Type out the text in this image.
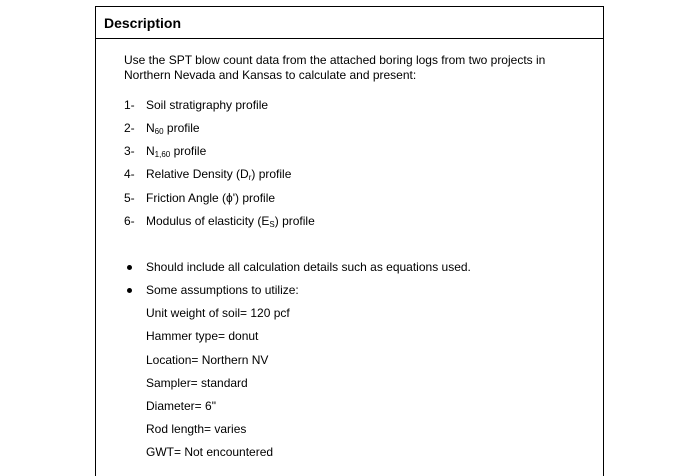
Description
Use the SPT blow count data from the attached boring logs from two projects in Northern Nevada and Kansas to calculate and present:
1- Soil stratigraphy profile
2- $N_{60}$ profile
3- $N_{1,60}$ profile
4- Relative Density $(D_r)$ profile
5- Friction Angle (ϕ') profile
6- Modulus of elasticity $(E_S)$ profile
Should include all calculation details such as equations used.
Some assumptions to utilize:
Unit weight of soil= 120 pcf
Hammer type= donut
Location= Northern NV
Sampler= standard
Diameter= 6"
Rod length= varies
GWT= Not encountered
